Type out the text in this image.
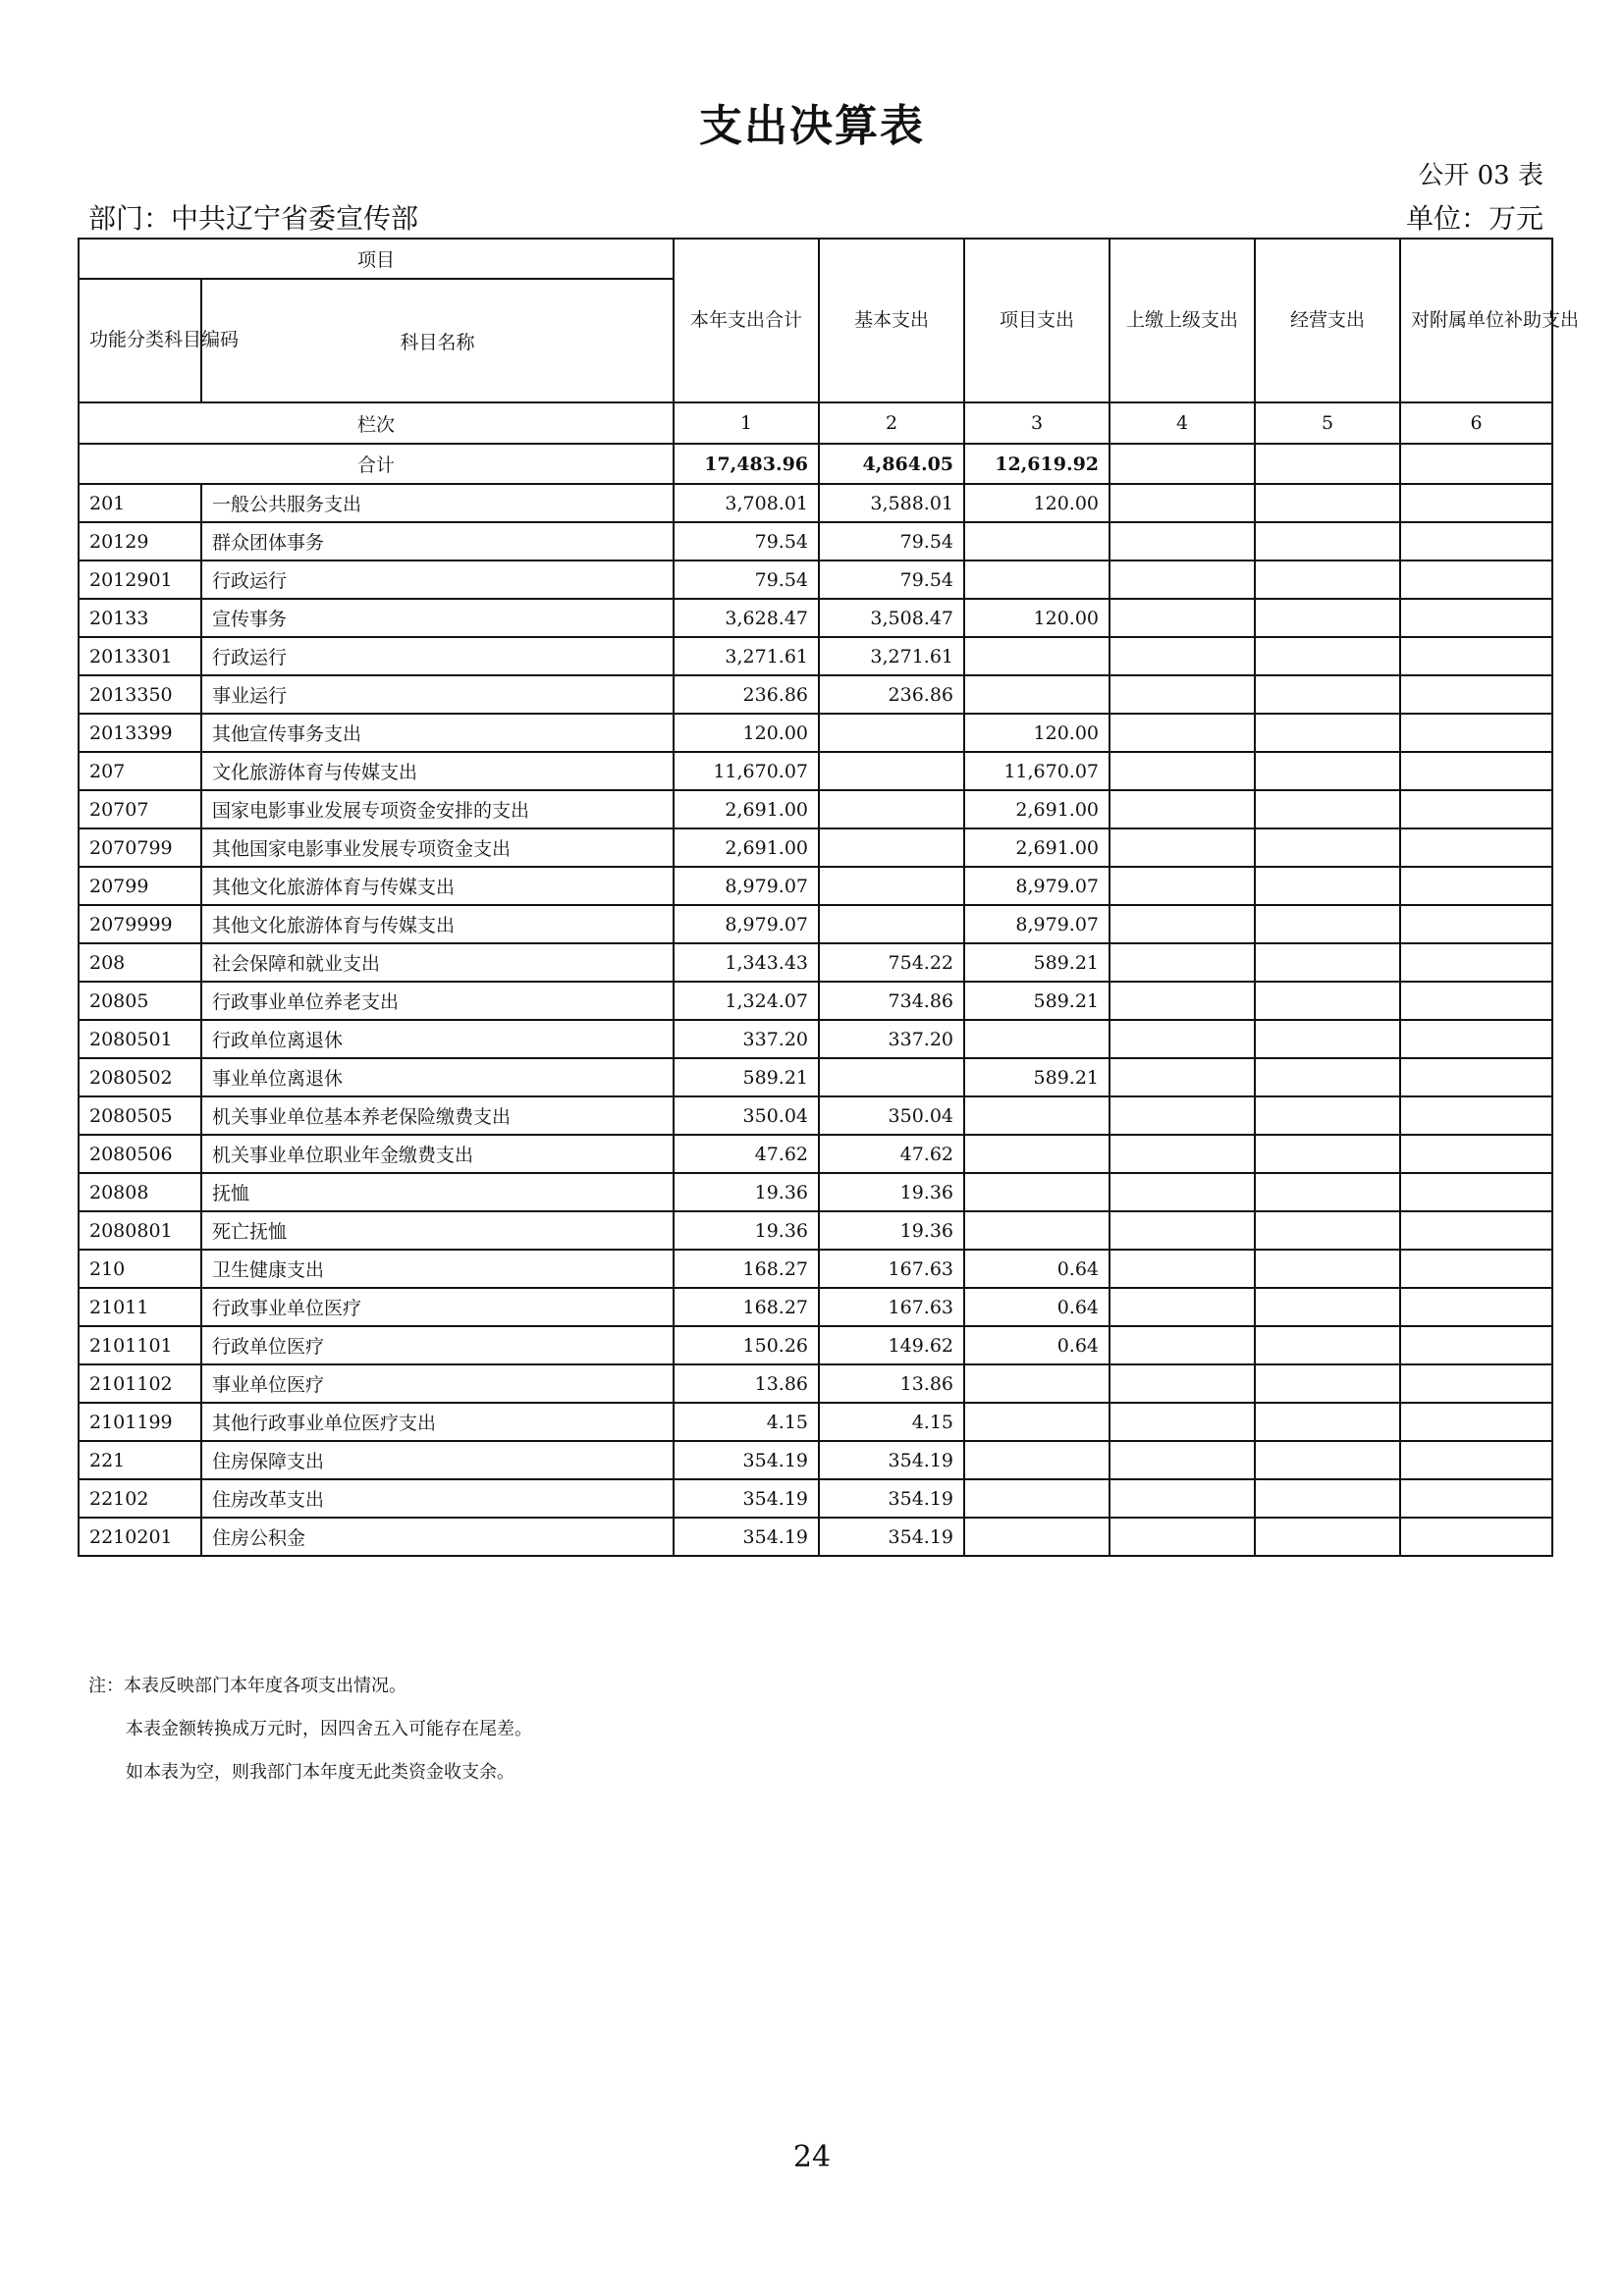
支出决算表
公开 03 表
部门：中共辽宁省委宣传部	单位：万元
项目		本年支出合计	基本支出	项目支出	上缴上级支出	经营支出	对附属单位补助支出
功能分类科目编码	科目名称						
栏次		1	2	3	4	5	6
合计		17,483.96	4,864.05	12,619.92			
201	一般公共服务支出	3,708.01	3,588.01	120.00			
20129	群众团体事务	79.54	79.54				
2012901	行政运行	79.54	79.54				
20133	宣传事务	3,628.47	3,508.47	120.00			
2013301	行政运行	3,271.61	3,271.61				
2013350	事业运行	236.86	236.86				
2013399	其他宣传事务支出	120.00		120.00			
207	文化旅游体育与传媒支出	11,670.07		11,670.07			
20707	国家电影事业发展专项资金安排的支出	2,691.00		2,691.00			
2070799	其他国家电影事业发展专项资金支出	2,691.00		2,691.00			
20799	其他文化旅游体育与传媒支出	8,979.07		8,979.07			
2079999	其他文化旅游体育与传媒支出	8,979.07		8,979.07			
208	社会保障和就业支出	1,343.43	754.22	589.21			
20805	行政事业单位养老支出	1,324.07	734.86	589.21			
2080501	行政单位离退休	337.20	337.20				
2080502	事业单位离退休	589.21		589.21			
2080505	机关事业单位基本养老保险缴费支出	350.04	350.04				
2080506	机关事业单位职业年金缴费支出	47.62	47.62				
20808	抚恤	19.36	19.36				
2080801	死亡抚恤	19.36	19.36				
210	卫生健康支出	168.27	167.63	0.64			
21011	行政事业单位医疗	168.27	167.63	0.64			
2101101	行政单位医疗	150.26	149.62	0.64			
2101102	事业单位医疗	13.86	13.86				
2101199	其他行政事业单位医疗支出	4.15	4.15				
221	住房保障支出	354.19	354.19				
22102	住房改革支出	354.19	354.19				
2210201	住房公积金	354.19	354.19				
注：本表反映部门本年度各项支出情况。
本表金额转换成万元时，因四舍五入可能存在尾差。
如本表为空，则我部门本年度无此类资金收支余。
24
